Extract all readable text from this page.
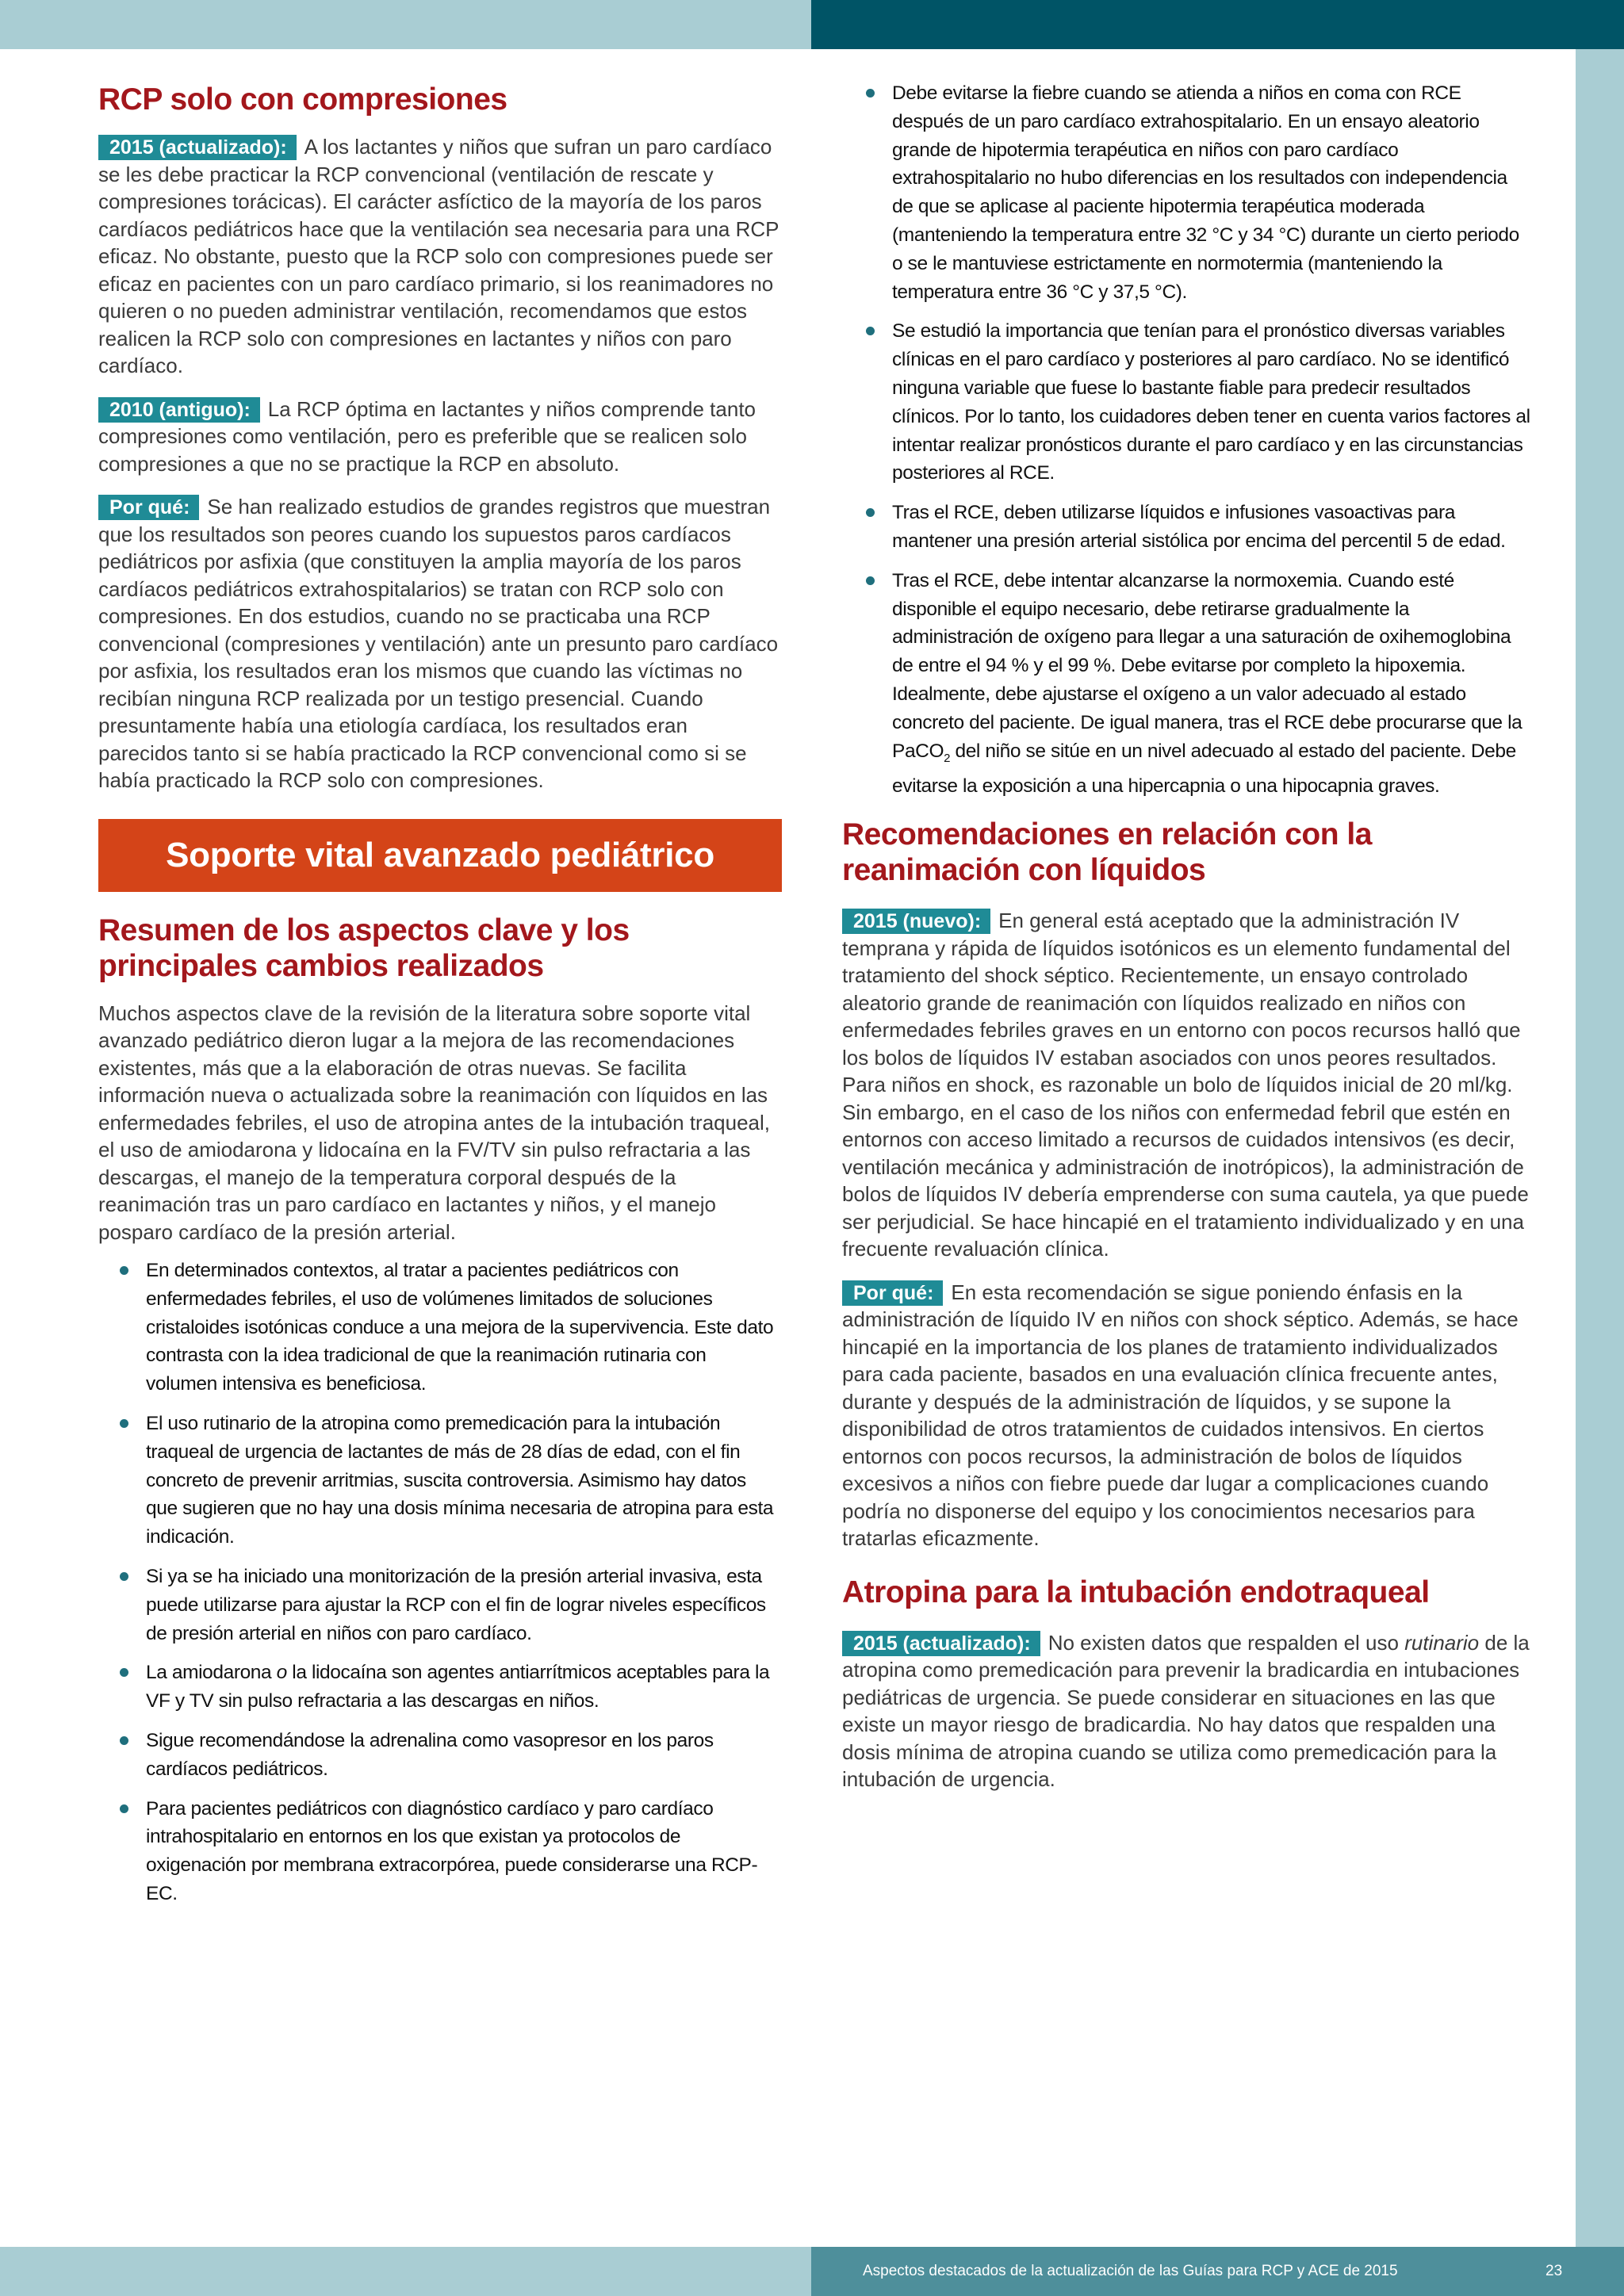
RCP solo con compresiones

2015 (actualizado): A los lactantes y niños que sufran un paro cardíaco se les debe practicar la RCP convencional (ventilación de rescate y compresiones torácicas). El carácter asfíctico de la mayoría de los paros cardíacos pediátricos hace que la ventilación sea necesaria para una RCP eficaz. No obstante, puesto que la RCP solo con compresiones puede ser eficaz en pacientes con un paro cardíaco primario, si los reanimadores no quieren o no pueden administrar ventilación, recomendamos que estos realicen la RCP solo con compresiones en lactantes y niños con paro cardíaco.

2010 (antiguo): La RCP óptima en lactantes y niños comprende tanto compresiones como ventilación, pero es preferible que se realicen solo compresiones a que no se practique la RCP en absoluto.

Por qué: Se han realizado estudios de grandes registros que muestran que los resultados son peores cuando los supuestos paros cardíacos pediátricos por asfixia (que constituyen la amplia mayoría de los paros cardíacos pediátricos extrahospitalarios) se tratan con RCP solo con compresiones. En dos estudios, cuando no se practicaba una RCP convencional (compresiones y ventilación) ante un presunto paro cardíaco por asfixia, los resultados eran los mismos que cuando las víctimas no recibían ninguna RCP realizada por un testigo presencial. Cuando presuntamente había una etiología cardíaca, los resultados eran parecidos tanto si se había practicado la RCP convencional como si se había practicado la RCP solo con compresiones.

Soporte vital avanzado pediátrico
Resumen de los aspectos clave y los principales cambios realizados

Muchos aspectos clave de la revisión de la literatura sobre soporte vital avanzado pediátrico dieron lugar a la mejora de las recomendaciones existentes, más que a la elaboración de otras nuevas. Se facilita información nueva o actualizada sobre la reanimación con líquidos en las enfermedades febriles, el uso de atropina antes de la intubación traqueal, el uso de amiodarona y lidocaína en la FV/TV sin pulso refractaria a las descargas, el manejo de la temperatura corporal después de la reanimación tras un paro cardíaco en lactantes y niños, y el manejo posparo cardíaco de la presión arterial.

En determinados contextos, al tratar a pacientes pediátricos con enfermedades febriles, el uso de volúmenes limitados de soluciones cristaloides isotónicas conduce a una mejora de la supervivencia. Este dato contrasta con la idea tradicional de que la reanimación rutinaria con volumen intensiva es beneficiosa.
El uso rutinario de la atropina como premedicación para la intubación traqueal de urgencia de lactantes de más de 28 días de edad, con el fin concreto de prevenir arritmias, suscita controversia. Asimismo hay datos que sugieren que no hay una dosis mínima necesaria de atropina para esta indicación.
Si ya se ha iniciado una monitorización de la presión arterial invasiva, esta puede utilizarse para ajustar la RCP con el fin de lograr niveles específicos de presión arterial en niños con paro cardíaco.
La amiodarona o la lidocaína son agentes antiarrítmicos aceptables para la VF y TV sin pulso refractaria a las descargas en niños.
Sigue recomendándose la adrenalina como vasopresor en los paros cardíacos pediátricos.
Para pacientes pediátricos con diagnóstico cardíaco y paro cardíaco intrahospitalario en entornos en los que existan ya protocolos de oxigenación por membrana extracorpórea, puede considerarse una RCP-EC.
Debe evitarse la fiebre cuando se atienda a niños en coma con RCE después de un paro cardíaco extrahospitalario. En un ensayo aleatorio grande de hipotermia terapéutica en niños con paro cardíaco extrahospitalario no hubo diferencias en los resultados con independencia de que se aplicase al paciente hipotermia terapéutica moderada (manteniendo la temperatura entre 32 °C y 34 °C) durante un cierto periodo o se le mantuviese estrictamente en normotermia (manteniendo la temperatura entre 36 °C y 37,5 °C).
Se estudió la importancia que tenían para el pronóstico diversas variables clínicas en el paro cardíaco y posteriores al paro cardíaco. No se identificó ninguna variable que fuese lo bastante fiable para predecir resultados clínicos. Por lo tanto, los cuidadores deben tener en cuenta varios factores al intentar realizar pronósticos durante el paro cardíaco y en las circunstancias posteriores al RCE.
Tras el RCE, deben utilizarse líquidos e infusiones vasoactivas para mantener una presión arterial sistólica por encima del percentil 5 de edad.
Tras el RCE, debe intentar alcanzarse la normoxemia. Cuando esté disponible el equipo necesario, debe retirarse gradualmente la administración de oxígeno para llegar a una saturación de oxihemoglobina de entre el 94 % y el 99 %. Debe evitarse por completo la hipoxemia. Idealmente, debe ajustarse el oxígeno a un valor adecuado al estado concreto del paciente. De igual manera, tras el RCE debe procurarse que la PaCO$_2$ del niño se sitúe en un nivel adecuado al estado del paciente. Debe evitarse la exposición a una hipercapnia o una hipocapnia graves.
Recomendaciones en relación con la reanimación con líquidos

2015 (nuevo): En general está aceptado que la administración IV temprana y rápida de líquidos isotónicos es un elemento fundamental del tratamiento del shock séptico. Recientemente, un ensayo controlado aleatorio grande de reanimación con líquidos realizado en niños con enfermedades febriles graves en un entorno con pocos recursos halló que los bolos de líquidos IV estaban asociados con unos peores resultados. Para niños en shock, es razonable un bolo de líquidos inicial de 20 ml/kg. Sin embargo, en el caso de los niños con enfermedad febril que estén en entornos con acceso limitado a recursos de cuidados intensivos (es decir, ventilación mecánica y administración de inotrópicos), la administración de bolos de líquidos IV debería emprenderse con suma cautela, ya que puede ser perjudicial. Se hace hincapié en el tratamiento individualizado y en una frecuente revaluación clínica.

Por qué: En esta recomendación se sigue poniendo énfasis en la administración de líquido IV en niños con shock séptico. Además, se hace hincapié en la importancia de los planes de tratamiento individualizados para cada paciente, basados en una evaluación clínica frecuente antes, durante y después de la administración de líquidos, y se supone la disponibilidad de otros tratamientos de cuidados intensivos. En ciertos entornos con pocos recursos, la administración de bolos de líquidos excesivos a niños con fiebre puede dar lugar a complicaciones cuando podría no disponerse del equipo y los conocimientos necesarios para tratarlas eficazmente.

Atropina para la intubación endotraqueal

2015 (actualizado): No existen datos que respalden el uso rutinario de la atropina como premedicación para prevenir la bradicardia en intubaciones pediátricas de urgencia. Se puede considerar en situaciones en las que existe un mayor riesgo de bradicardia. No hay datos que respalden una dosis mínima de atropina cuando se utiliza como premedicación para la intubación de urgencia.

Aspectos destacados de la actualización de las Guías para RCP y ACE de 2015	23
